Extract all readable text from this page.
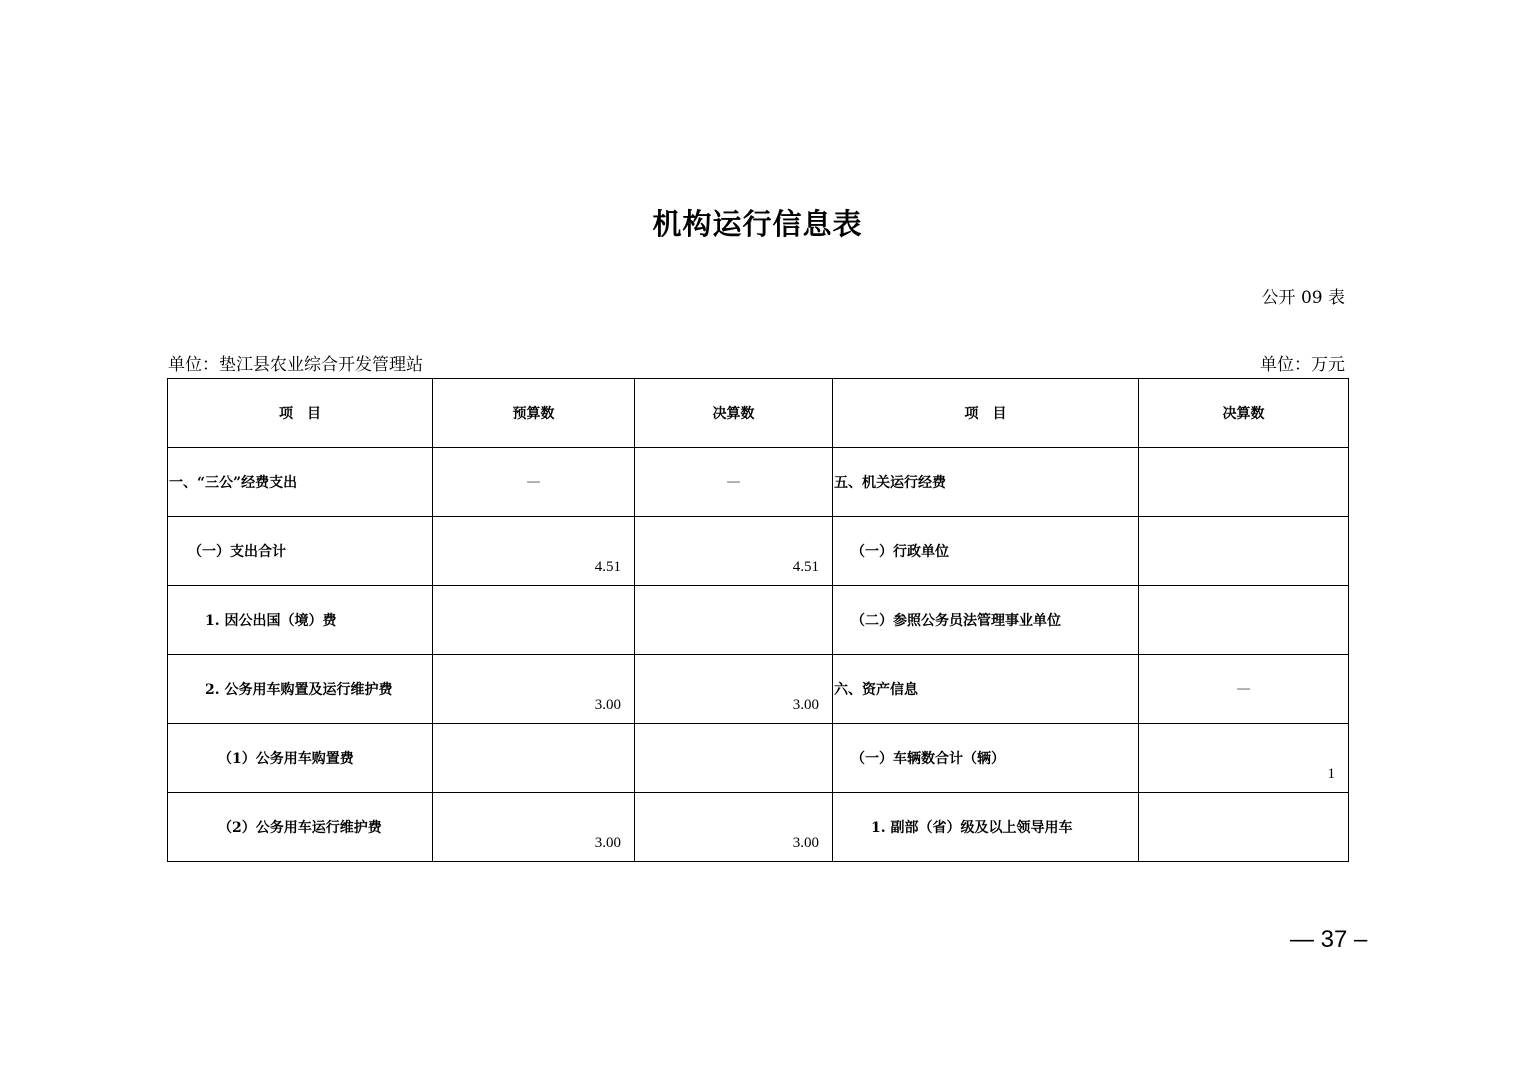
机构运行信息表
公开 09 表
单位：垫江县农业综合开发管理站	单位：万元
项　目	预算数	决算数	项　目	决算数

一、“三公”经费支出	—	—	五、机关运行经费	

（一）支出合计	4.51	4.51	（一）行政单位	

1. 因公出国（境）费			（二）参照公务员法管理事业单位	

2. 公务用车购置及运行维护费	3.00	3.00	六、资产信息	—

（1）公务用车购置费			（一）车辆数合计（辆）	1

（2）公务用车运行维护费	3.00	3.00	1. 副部（省）级及以上领导用车	

— 37 –
